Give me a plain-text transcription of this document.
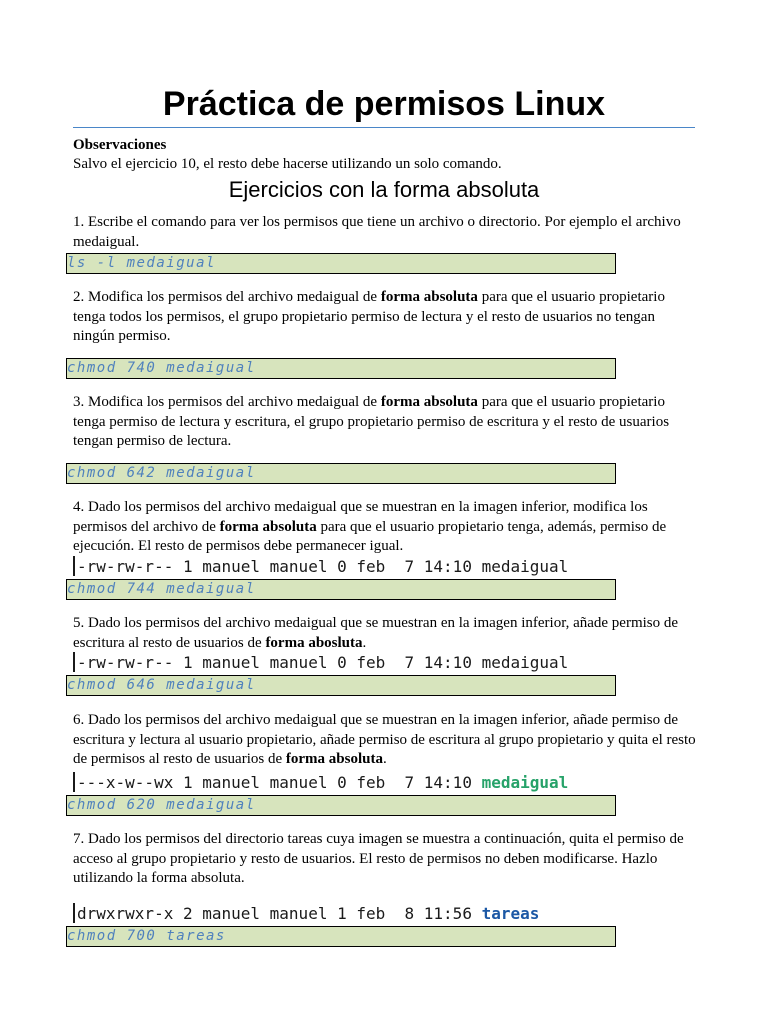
Práctica de permisos Linux
Observaciones
Salvo el ejercicio 10, el resto debe hacerse utilizando un solo comando.
Ejercicios con la forma absoluta
1. Escribe el comando para ver los permisos que tiene un archivo o directorio. Por ejemplo el archivo medaigual.
ls -l medaigual
2. Modifica los permisos del archivo medaigual de forma absoluta para que el usuario propietario tenga todos los permisos, el grupo propietario permiso de lectura y el resto de usuarios no tengan ningún permiso.
chmod 740 medaigual
3. Modifica los permisos del archivo medaigual de forma absoluta para que el usuario propietario tenga permiso de lectura y escritura, el grupo propietario permiso de escritura y el resto de usuarios tengan permiso de lectura.
chmod 642 medaigual
4. Dado los permisos del archivo medaigual que se muestran en la imagen inferior, modifica los permisos del archivo de forma absoluta para que el usuario propietario tenga, además, permiso de ejecución. El resto de permisos debe permanecer igual.
-rw-rw-r-- 1 manuel manuel 0 feb  7 14:10 medaigual
chmod 744 medaigual
5. Dado los permisos del archivo medaigual que se muestran en la imagen inferior, añade permiso de escritura al resto de usuarios de forma abosluta.
-rw-rw-r-- 1 manuel manuel 0 feb  7 14:10 medaigual
chmod 646 medaigual
6. Dado los permisos del archivo medaigual que se muestran en la imagen inferior, añade permiso de escritura y lectura al usuario propietario, añade permiso de escritura al grupo propietario y quita el resto de permisos al resto de usuarios de forma absoluta.
---x-w--wx 1 manuel manuel 0 feb  7 14:10 medaigual
chmod 620 medaigual
7. Dado los permisos del directorio tareas cuya imagen se muestra a continuación, quita el permiso de acceso al grupo propietario y resto de usuarios. El resto de permisos no deben modificarse. Hazlo utilizando la forma absoluta.
drwxrwxr-x 2 manuel manuel 1 feb  8 11:56 tareas
chmod 700 tareas
